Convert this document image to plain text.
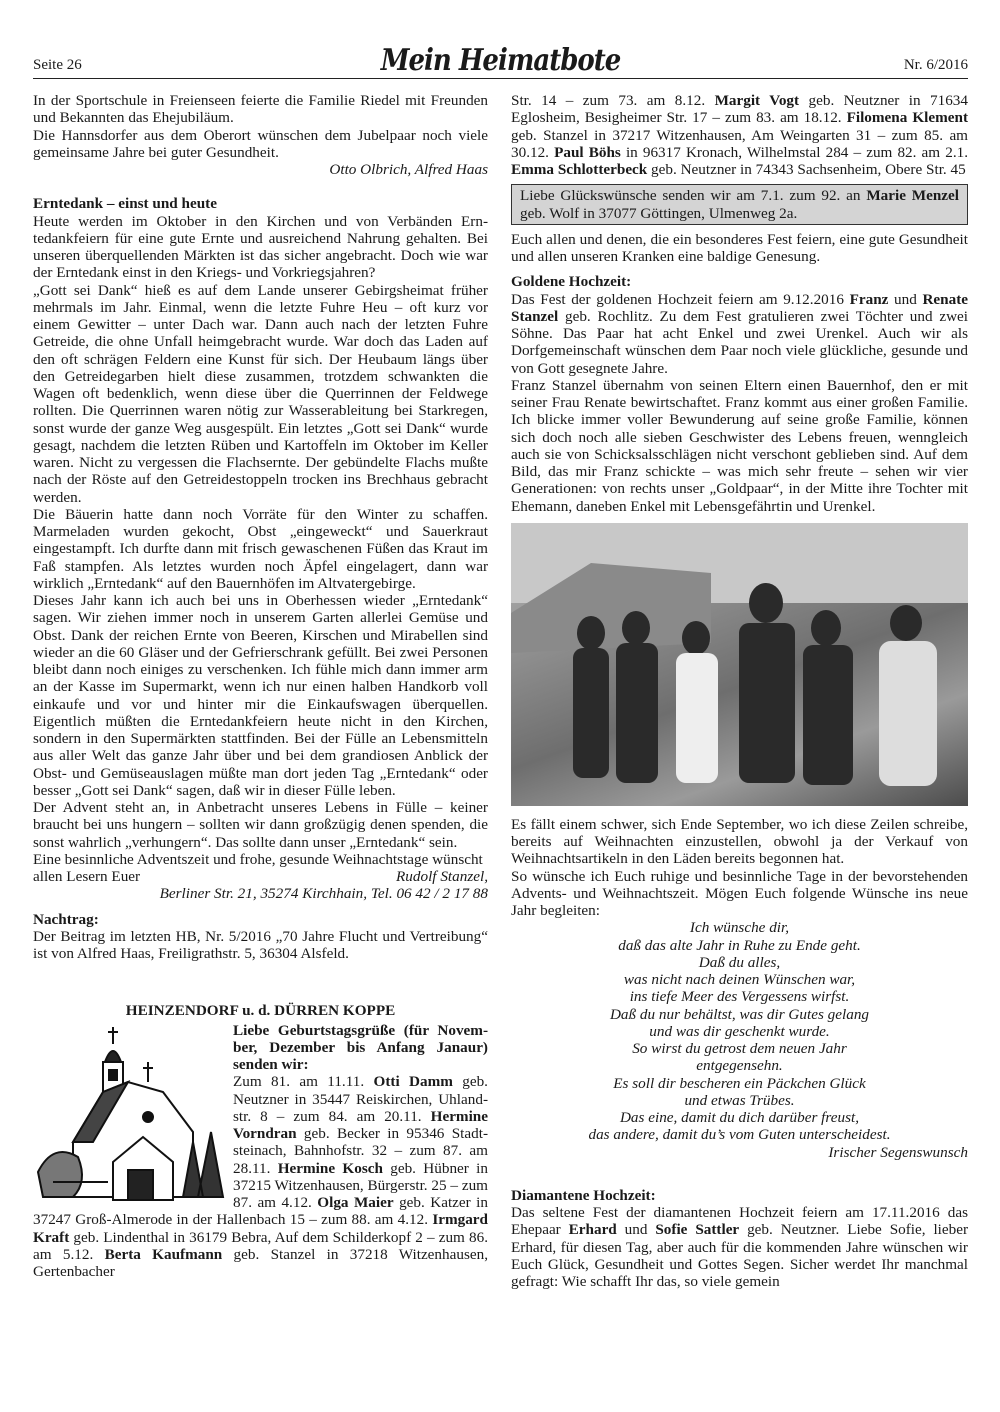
Seite 26	Mein Heimatbote	Nr. 6/2016

In der Sportschule in Freienseen feierte die Familie Riedel mit Freunden und Bekannten das Ehejubiläum.

Die Hannsdorfer aus dem Oberort wünschen dem Jubelpaar noch viele gemeinsame Jahre bei guter Gesundheit.

Otto Olbrich, Alfred Haas

Erntedank – einst und heute

Heute werden im Oktober in den Kirchen und von Verbänden Erntedankfeiern für eine gute Ernte und ausreichend Nahrung gehalten. Bei unseren überquellenden Märkten ist das sicher angebracht. Doch wie war der Erntedank einst in den Kriegs- und Vorkriegsjahren?

„Gott sei Dank“ hieß es auf dem Lande unserer Gebirgsheimat früher mehrmals im Jahr. Einmal, wenn die letzte Fuhre Heu – oft kurz vor einem Gewitter – unter Dach war. Dann auch nach der letzten Fuhre Getreide, die ohne Unfall heimgebracht wurde. War doch das Laden auf den oft schrägen Feldern eine Kunst für sich. Der Heubaum längs über den Getreidegarben hielt diese zusammen, trotzdem schwankten die Wagen oft bedenklich, wenn diese über die Querrinnen der Feldwege rollten. Die Querrinnen waren nötig zur Wasserableitung bei Starkregen, sonst wurde der ganze Weg ausgespült. Ein letztes „Gott sei Dank“ wurde gesagt, nachdem die letzten Rüben und Kartoffeln im Oktober im Keller waren. Nicht zu vergessen die Flachsernte. Der gebündelte Flachs mußte nach der Röste auf den Getreidestoppeln trocken ins Brechhaus gebracht werden.

Die Bäuerin hatte dann noch Vorräte für den Winter zu schaffen. Marmeladen wurden gekocht, Obst „eingeweckt“ und Sauerkraut eingestampft. Ich durfte dann mit frisch gewaschenen Füßen das Kraut im Faß stampfen. Als letztes wurden noch Äpfel eingelagert, dann war wirklich „Erntedank“ auf den Bauernhöfen im Altvatergebirge.

Dieses Jahr kann ich auch bei uns in Oberhessen wieder „Erntedank“ sagen. Wir ziehen immer noch in unserem Garten allerlei Gemüse und Obst. Dank der reichen Ernte von Beeren, Kirschen und Mirabellen sind wieder an die 60 Gläser und der Gefrierschrank gefüllt. Bei zwei Personen bleibt dann noch einiges zu verschenken. Ich fühle mich dann immer arm an der Kasse im Supermarkt, wenn ich nur einen halben Handkorb voll einkaufe und vor und hinter mir die Einkaufswagen überquellen. Eigentlich müßten die Erntedankfeiern heute nicht in den Kirchen, sondern in den Supermärkten stattfinden. Bei der Fülle an Lebensmitteln aus aller Welt das ganze Jahr über und bei dem grandiosen Anblick der Obst- und Gemüseauslagen müßte man dort jeden Tag „Erntedank“ oder besser „Gott sei Dank“ sagen, daß wir in dieser Fülle leben.

Der Advent steht an, in Anbetracht unseres Lebens in Fülle – keiner braucht bei uns hungern – sollten wir dann großzügig denen spenden, die sonst wahrlich „verhungern“. Das sollte dann unser „Erntedank“ sein.

Eine besinnliche Adventszeit und frohe, gesunde Weihnachtstage wünscht allen Lesern Euer	Rudolf Stanzel,

Berliner Str. 21, 35274 Kirchhain, Tel. 06 42 / 2 17 88

Nachtrag:

Der Beitrag im letzten HB, Nr. 5/2016 „70 Jahre Flucht und Vertreibung“ ist von Alfred Haas, Freiligrathstr. 5, 36304 Alsfeld.

HEINZENDORF u. d. DÜRREN KOPPE

Liebe Geburtstagsgrüße (für November, Dezember bis Anfang Janaur) senden wir:

Zum 81. am 11.11. Otti Damm geb. Neutzner in 35447 Reiskirchen, Uhlandstr. 8 – zum 84. am 20.11. Hermine Vorndran geb. Becker in 95346 Stadtsteinach, Bahnhofstr. 32 – zum 87. am 28.11. Hermine Kosch geb. Hübner in 37215 Witzenhausen, Bürgerstr. 25 – zum 87. am 4.12. Olga Maier geb. Katzer in 37247 Groß-Almerode in der Hallenbach 15 – zum 88. am 4.12. Irmgard Kraft geb. Lindenthal in 36179 Bebra, Auf dem Schilderkopf 2 – zum 86. am 5.12. Berta Kaufmann geb. Stanzel in 37218 Witzenhausen, Gertenbacher

Str. 14 – zum 73. am 8.12. Margit Vogt geb. Neutzner in 71634 Eglosheim, Besigheimer Str. 17 – zum 83. am 18.12. Filomena Klement geb. Stanzel in 37217 Witzenhausen, Am Weingarten 31 – zum 85. am 30.12. Paul Böhs in 96317 Kronach, Wilhelmstal 284 – zum 82. am 2.1. Emma Schlotterbeck geb. Neutzner in 74343 Sachsenheim, Obere Str. 45

Liebe Glückswünsche senden wir am 7.1. zum 92. an Marie Menzel geb. Wolf in 37077 Göttingen, Ulmenweg 2a.

Euch allen und denen, die ein besonderes Fest feiern, eine gute Gesundheit und allen unseren Kranken eine baldige Genesung.

Goldene Hochzeit:

Das Fest der goldenen Hochzeit feiern am 9.12.2016 Franz und Renate Stanzel geb. Rochlitz. Zu dem Fest gratulieren zwei Töchter und zwei Söhne. Das Paar hat acht Enkel und zwei Urenkel. Auch wir als Dorfgemeinschaft wünschen dem Paar noch viele glückliche, gesunde und von Gott gesegnete Jahre.

Franz Stanzel übernahm von seinen Eltern einen Bauernhof, den er mit seiner Frau Renate bewirtschaftet. Franz kommt aus einer großen Familie. Ich blicke immer voller Bewunderung auf seine große Familie, können sich doch noch alle sieben Geschwister des Lebens freuen, wenngleich auch sie von Schicksalsschlägen nicht verschont geblieben sind. Auf dem Bild, das mir Franz schickte – was mich sehr freute – sehen wir vier Generationen: von rechts unser „Goldpaar“, in der Mitte ihre Tochter mit Ehemann, daneben Enkel mit Lebensgefährtin und Urenkel.

Es fällt einem schwer, sich Ende September, wo ich diese Zeilen schreibe, bereits auf Weihnachten einzustellen, obwohl ja der Verkauf von Weihnachtsartikeln in den Läden bereits begonnen hat.

So wünsche ich Euch ruhige und besinnliche Tage in der bevorstehenden Advents- und Weihnachtszeit. Mögen Euch folgende Wünsche ins neue Jahr begleiten:

Ich wünsche dir,
daß das alte Jahr in Ruhe zu Ende geht.
Daß du alles,
was nicht nach deinen Wünschen war,
ins tiefe Meer des Vergessens wirfst.
Daß du nur behältst, was dir Gutes gelang
und was dir geschenkt wurde.
So wirst du getrost dem neuen Jahr
entgegensehn.
Es soll dir bescheren ein Päckchen Glück
und etwas Trübes.
Das eine, damit du dich darüber freust,
das andere, damit du’s vom Guten unterscheidest.
Irischer Segenswunsch
Diamantene Hochzeit:

Das seltene Fest der diamantenen Hochzeit feiern am 17.11.2016 das Ehepaar Erhard und Sofie Sattler geb. Neutzner. Liebe Sofie, lieber Erhard, für diesen Tag, aber auch für die kommenden Jahre wünschen wir Euch Glück, Gesundheit und Gottes Segen. Sicher werdet Ihr manchmal gefragt: Wie schafft Ihr das, so viele gemein
